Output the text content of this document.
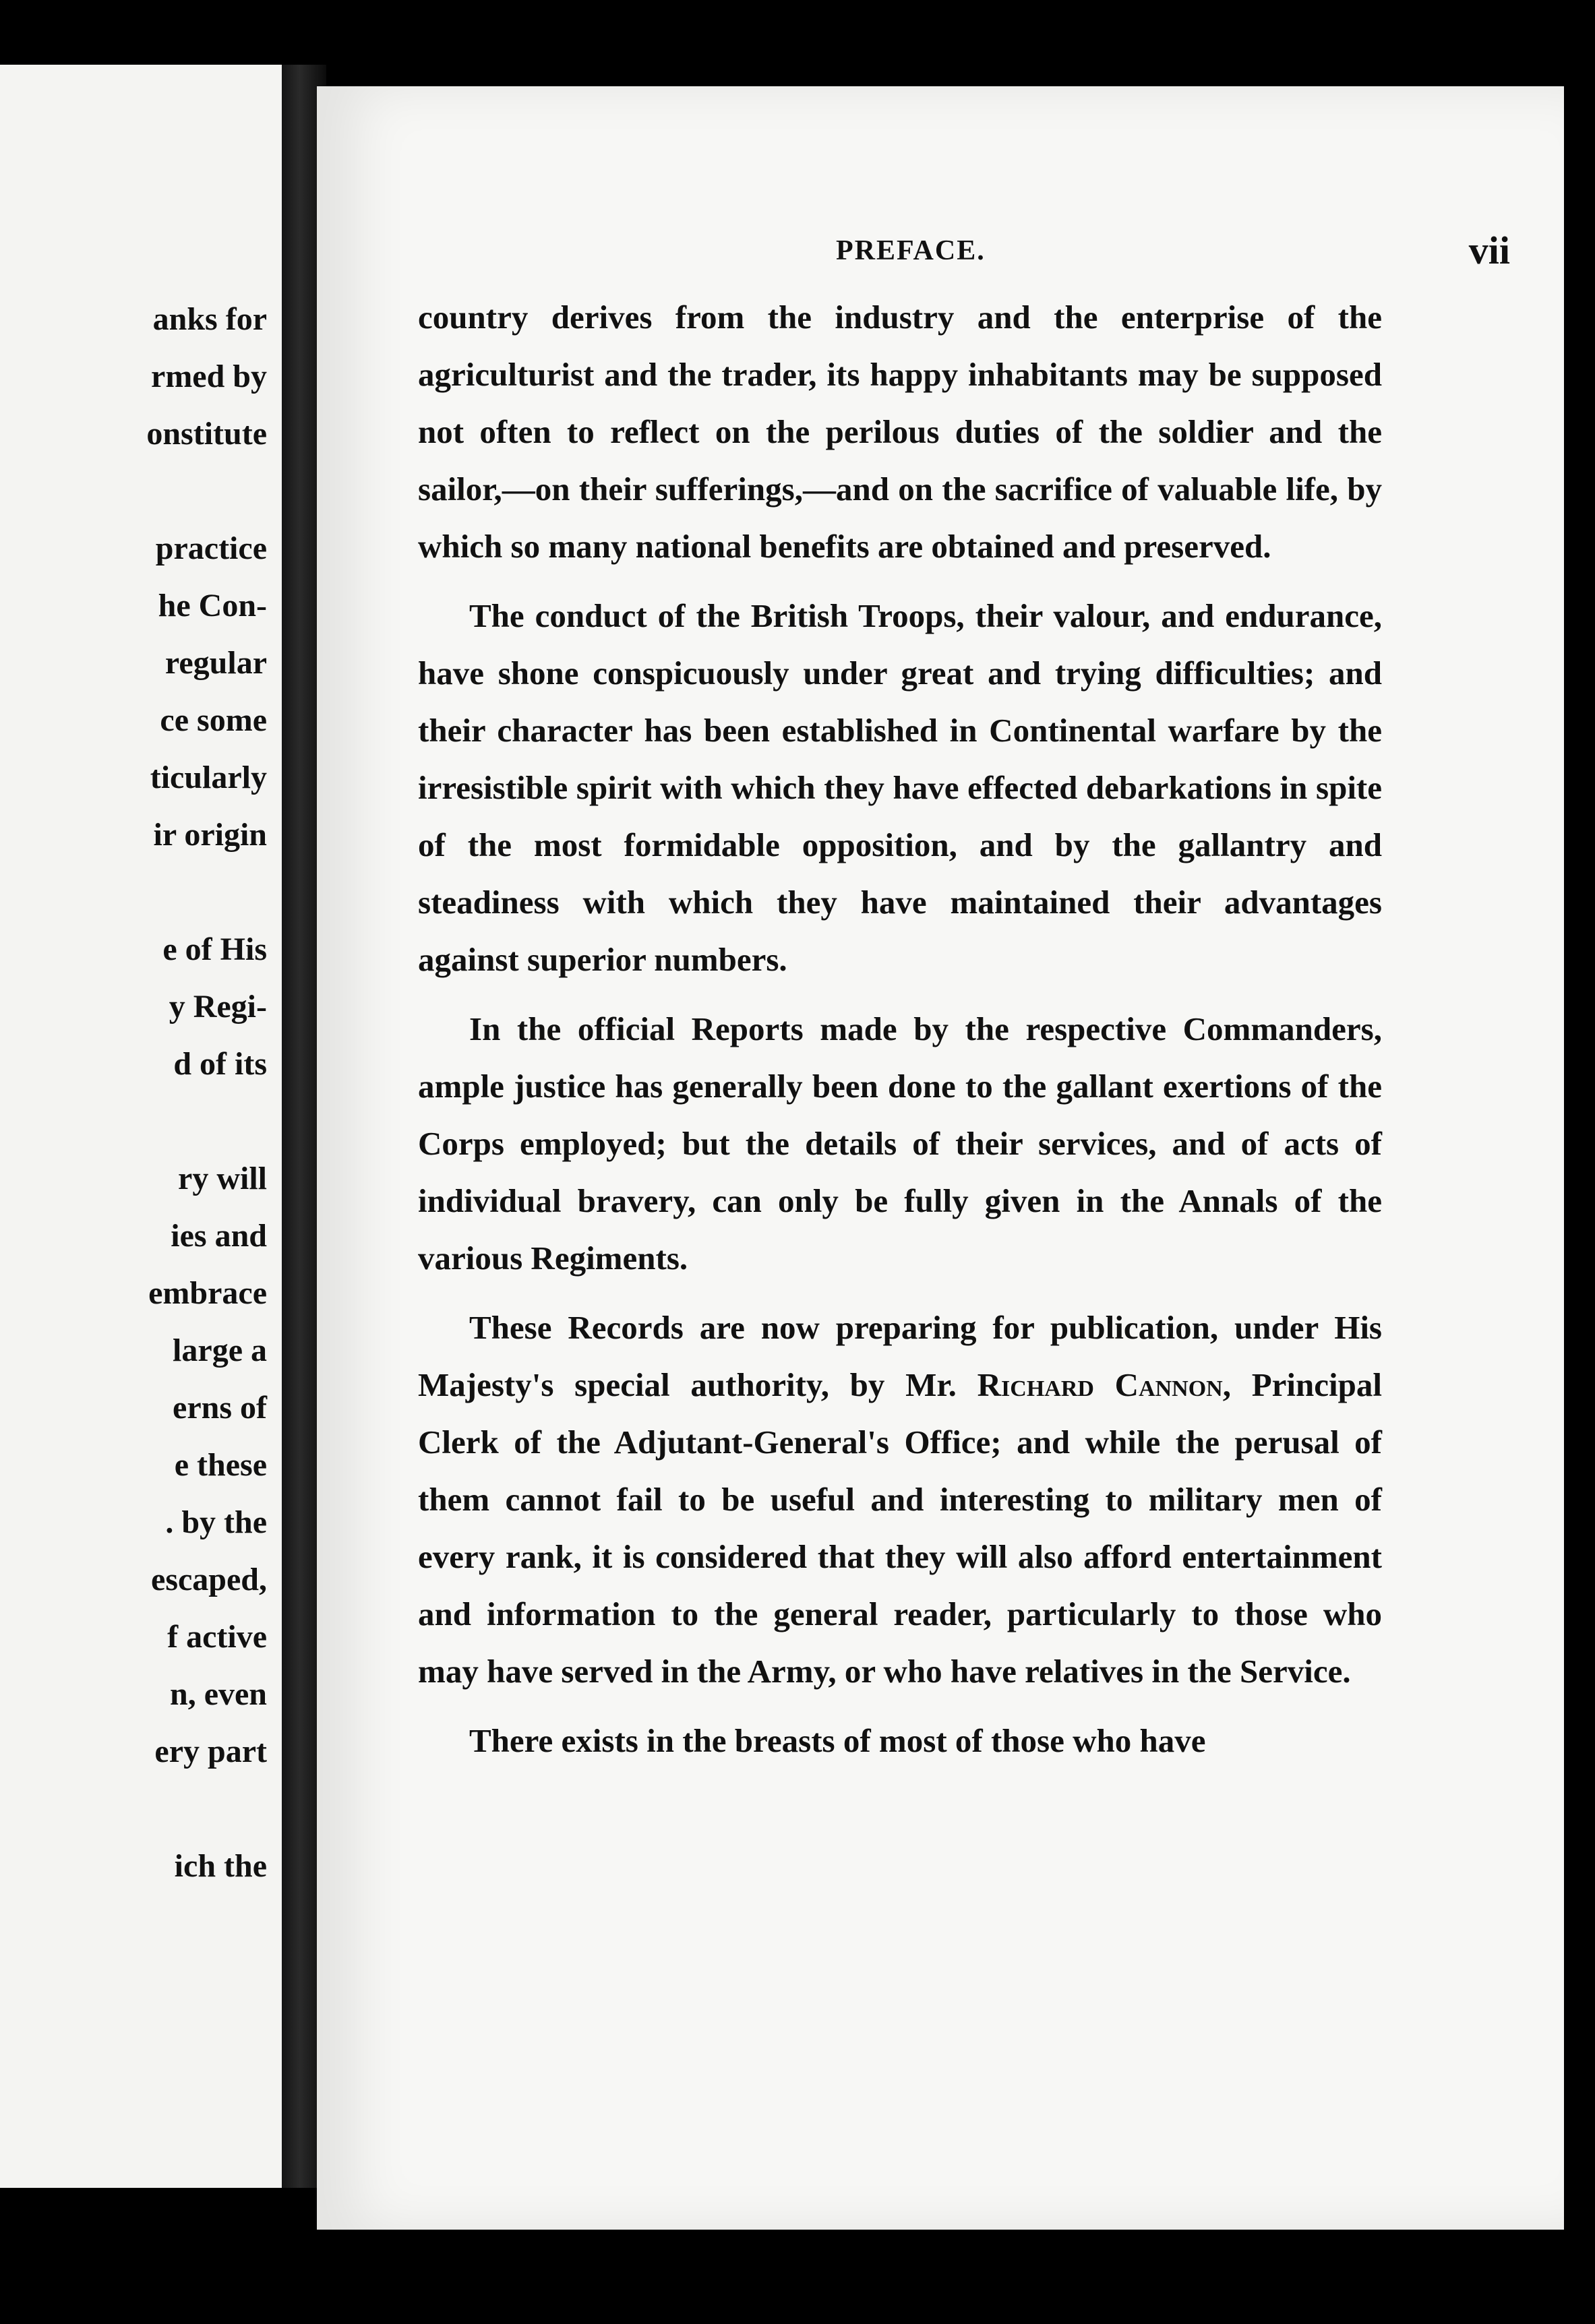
anks for
rmed by
onstitute
practice
he Con-
regular
ce some
ticularly
ir origin
e of His
y Regi-
d of its
ry will
ies and
embrace
large a
erns of
e these
. by the
escaped,
f active
n, even
ery part
ich the
PREFACE.	vii

country derives from the industry and the enterprise of the agriculturist and the trader, its happy inhabitants may be supposed not often to reflect on the perilous duties of the soldier and the sailor,—on their sufferings,—and on the sacrifice of valuable life, by which so many national benefits are obtained and preserved.

The conduct of the British Troops, their valour, and endurance, have shone conspicuously under great and trying difficulties; and their character has been established in Continental warfare by the irresistible spirit with which they have effected debarkations in spite of the most formidable opposition, and by the gallantry and steadiness with which they have maintained their advantages against superior numbers.

In the official Reports made by the respective Commanders, ample justice has generally been done to the gallant exertions of the Corps employed; but the details of their services, and of acts of individual bravery, can only be fully given in the Annals of the various Regiments.

These Records are now preparing for publication, under His Majesty's special authority, by Mr. Richard Cannon, Principal Clerk of the Adjutant-General's Office; and while the perusal of them cannot fail to be useful and interesting to military men of every rank, it is considered that they will also afford entertainment and information to the general reader, particularly to those who may have served in the Army, or who have relatives in the Service.

There exists in the breasts of most of those who have
